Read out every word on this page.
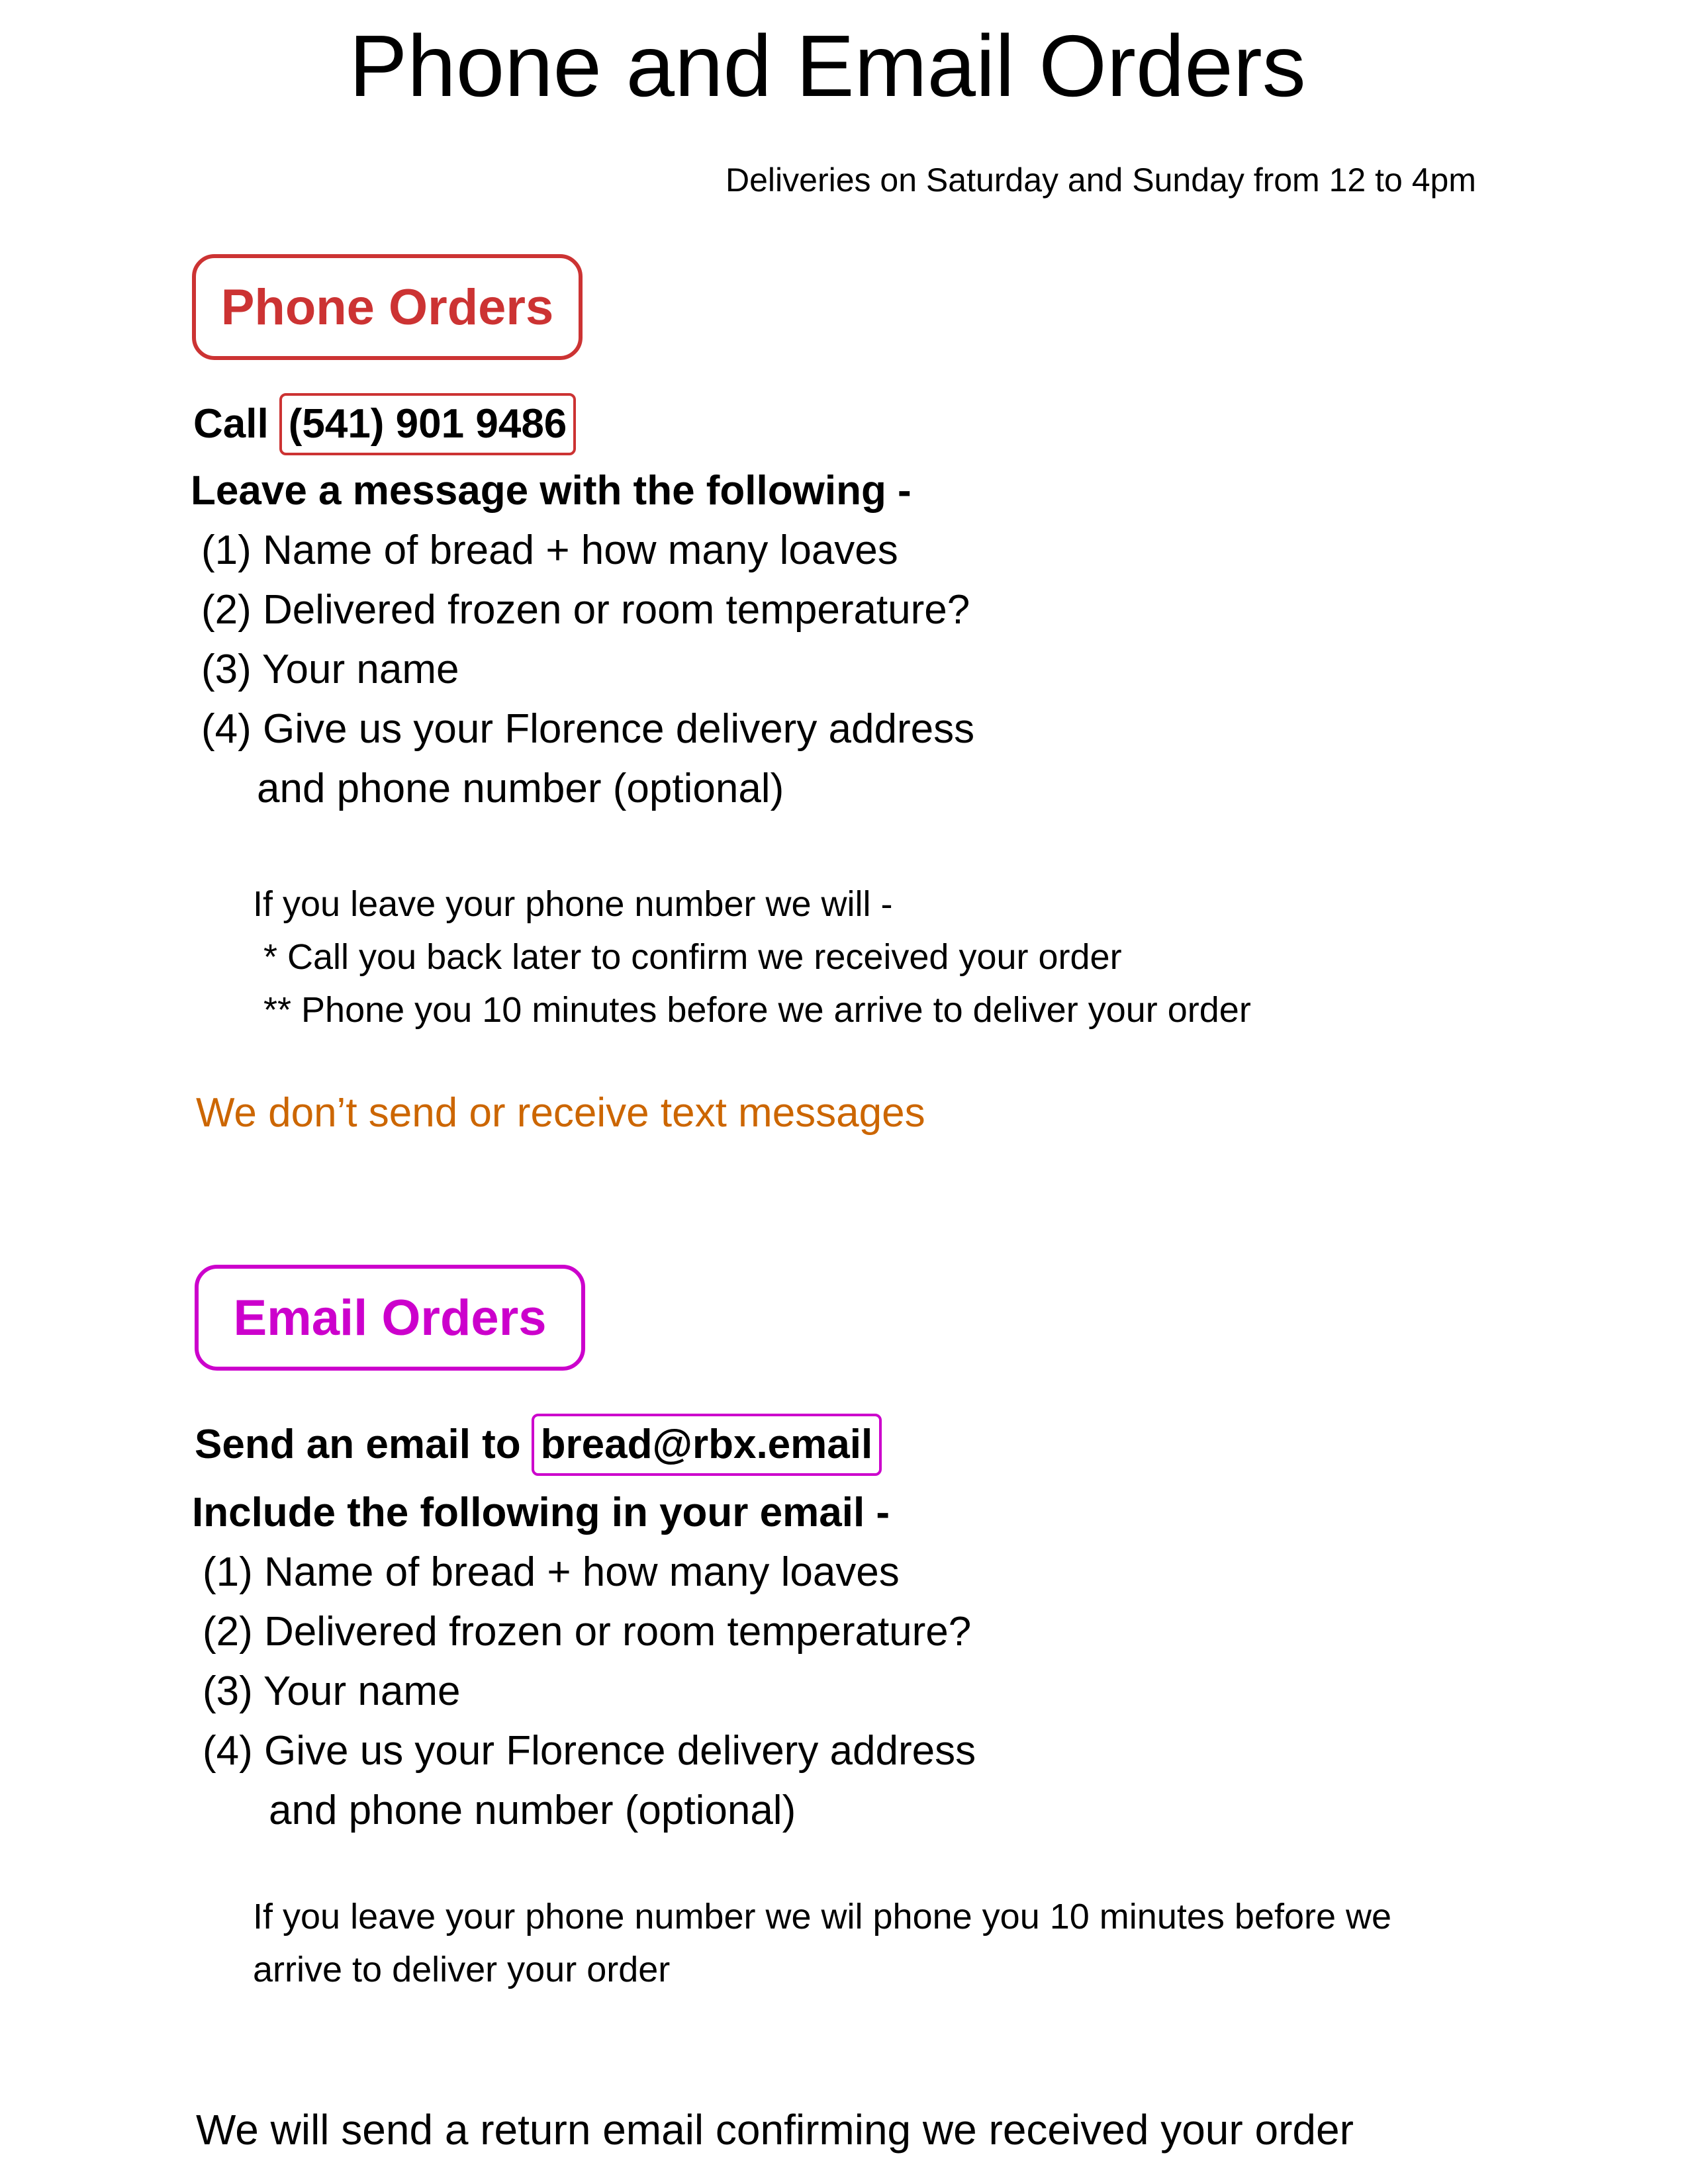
Phone and Email Orders
Deliveries on Saturday and Sunday from 12 to 4pm
Phone Orders
Call (541) 901 9486
Leave a message with the following -
(1) Name of bread + how many loaves
(2) Delivered frozen or room temperature?
(3) Your name
(4) Give us your Florence delivery address
and phone number (optional)
If you leave your phone number we will -
* Call you back later to confirm we received your order
** Phone you 10 minutes before we arrive to deliver your order
We don’t send or receive text messages
Email Orders
Send an email to bread@rbx.email
Include the following in your email -
(1) Name of bread + how many loaves
(2) Delivered frozen or room temperature?
(3) Your name
(4) Give us your Florence delivery address
and phone number (optional)
If you leave your phone number we wil phone you 10 minutes before we
arrive to deliver your order
We will send a return email confirming we received your order
